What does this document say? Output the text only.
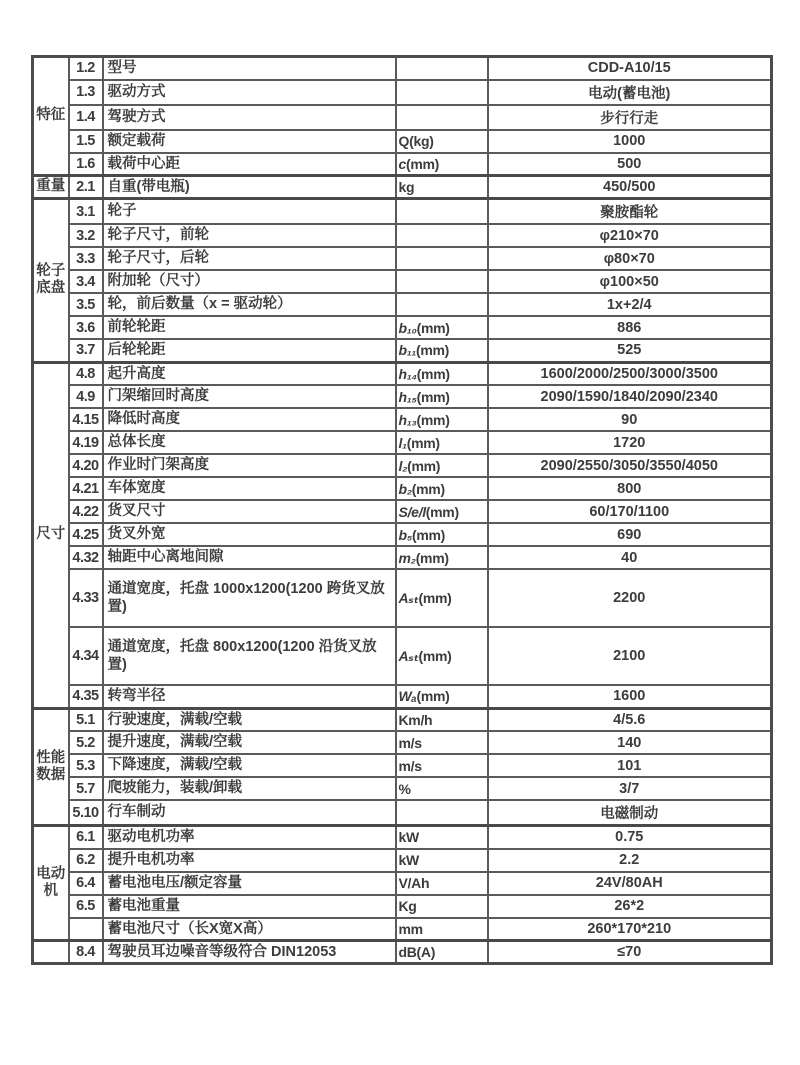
特征	1.2	型号		CDD-A10/15
	1.3	驱动方式		电动(蓄电池)
	1.4	驾驶方式		步行行走
	1.5	额定载荷	Q(kg)	1000
	1.6	载荷中心距	c(mm)	500
重量	2.1	自重(带电瓶)	kg	450/500
轮子底盘	3.1	轮子		聚胺酯轮
	3.2	轮子尺寸，前轮		φ210×70
	3.3	轮子尺寸，后轮		φ80×70
	3.4	附加轮（尺寸）		φ100×50
	3.5	轮，前后数量（x = 驱动轮）		1x+2/4
	3.6	前轮轮距	b₁₀(mm)	886
	3.7	后轮轮距	b₁₁(mm)	525
尺寸	4.8	起升高度	h₁₄(mm)	1600/2000/2500/3000/3500
	4.9	门架缩回时高度	h₁₅(mm)	2090/1590/1840/2090/2340
	4.15	降低时高度	h₁₃(mm)	90
	4.19	总体长度	l₁(mm)	1720
	4.20	作业时门架高度	l₂(mm)	2090/2550/3050/3550/4050
	4.21	车体宽度	b₂(mm)	800
	4.22	货叉尺寸	S/e/l(mm)	60/170/1100
	4.25	货叉外宽	b₅(mm)	690
	4.32	轴距中心离地间隙	m₂(mm)	40
	4.33	通道宽度，托盘 1000x1200(1200 跨货叉放置)	Aₛₜ(mm)	2200
	4.34	通道宽度，托盘 800x1200(1200 沿货叉放置)	Aₛₜ(mm)	2100
	4.35	转弯半径	Wₐ(mm)	1600
性能数据	5.1	行驶速度，满载/空载	Km/h	4/5.6
	5.2	提升速度，满载/空载	m/s	140
	5.3	下降速度，满载/空载	m/s	101
	5.7	爬坡能力，装载/卸载	%	3/7
	5.10	行车制动		电磁制动
电动机	6.1	驱动电机功率	kW	0.75
	6.2	提升电机功率	kW	2.2
	6.4	蓄电池电压/额定容量	V/Ah	24V/80AH
	6.5	蓄电池重量	Kg	26*2
		蓄电池尺寸（长X宽X高）	mm	260*170*210
	8.4	驾驶员耳边噪音等级符合 DIN12053	dB(A)	≤70
